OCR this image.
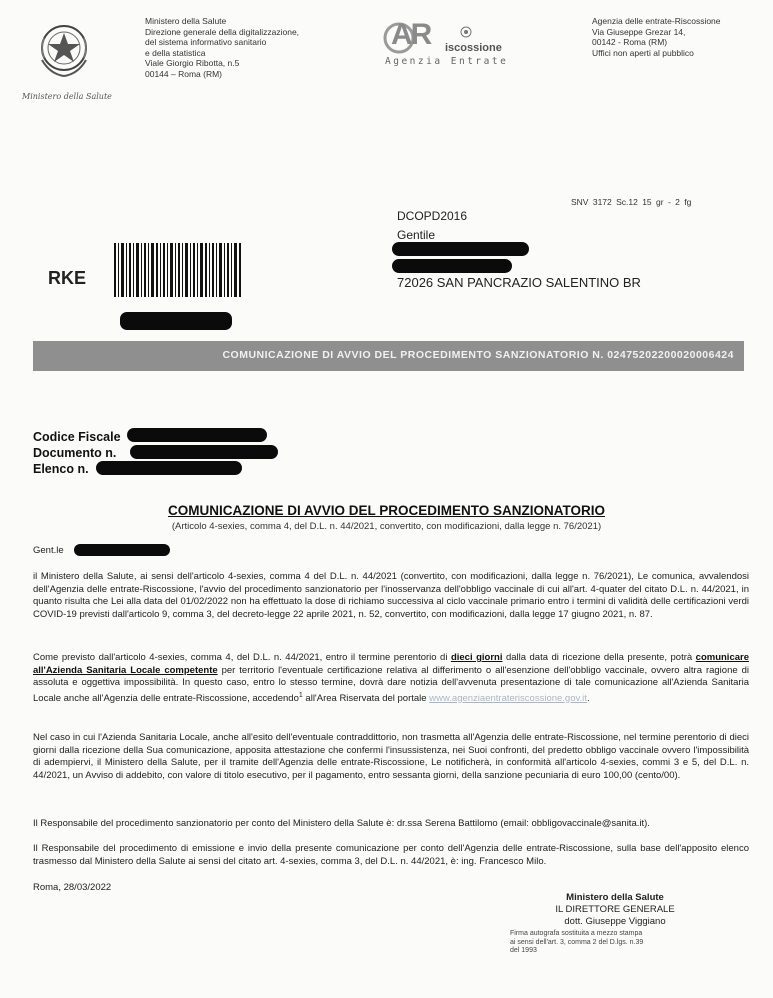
Ministero della Salute
Ministero della Salute
Direzione generale della digitalizzazione,
del sistema informativo sanitario
e della statistica
Viale Giorgio Ribotta, n.5
00144 – Roma (RM)
AR iscossione
Agenzia Entrate
Agenzia delle entrate-Riscossione
Via Giuseppe Grezar 14,
00142 - Roma (RM)
Uffici non aperti al pubblico
SNV 3172 Sc.12 15 gr - 2 fg
DCOPD2016
Gentile
72026 SAN PANCRAZIO SALENTINO BR
RKE
COMUNICAZIONE DI AVVIO DEL PROCEDIMENTO SANZIONATORIO N. 02475202200020006424
Codice Fiscale
Documento n.
Elenco n.
COMUNICAZIONE DI AVVIO DEL PROCEDIMENTO SANZIONATORIO
(Articolo 4-sexies, comma 4, del D.L. n. 44/2021, convertito, con modificazioni, dalla legge n. 76/2021)
Gent.le
il Ministero della Salute, ai sensi dell'articolo 4-sexies, comma 4 del D.L. n. 44/2021 (convertito, con modificazioni, dalla legge n. 76/2021), Le comunica, avvalendosi dell'Agenzia delle entrate-Riscossione, l'avvio del procedimento sanzionatorio per l'inosservanza dell'obbligo vaccinale di cui all'art. 4-quater del citato D.L. n. 44/2021, in quanto risulta che Lei alla data del 01/02/2022 non ha effettuato la dose di richiamo successiva al ciclo vaccinale primario entro i termini di validità delle certificazioni verdi COVID-19 previsti dall'articolo 9, comma 3, del decreto-legge 22 aprile 2021, n. 52, convertito, con modificazioni, dalla legge 17 giugno 2021, n. 87.
Come previsto dall'articolo 4-sexies, comma 4, del D.L. n. 44/2021, entro il termine perentorio di dieci giorni dalla data di ricezione della presente, potrà comunicare all'Azienda Sanitaria Locale competente per territorio l'eventuale certificazione relativa al differimento o all'esenzione dell'obbligo vaccinale, ovvero altra ragione di assoluta e oggettiva impossibilità. In questo caso, entro lo stesso termine, dovrà dare notizia dell'avvenuta presentazione di tale comunicazione all'Azienda Sanitaria Locale anche all'Agenzia delle entrate-Riscossione, accedendo$^1$ all'Area Riservata del portale www.agenziaentrateriscossione.gov.it.
Nel caso in cui l'Azienda Sanitaria Locale, anche all'esito dell'eventuale contraddittorio, non trasmetta all'Agenzia delle entrate-Riscossione, nel termine perentorio di dieci giorni dalla ricezione della Sua comunicazione, apposita attestazione che confermi l'insussistenza, nei Suoi confronti, del predetto obbligo vaccinale ovvero l'impossibilità di adempiervi, il Ministero della Salute, per il tramite dell'Agenzia delle entrate-Riscossione, Le notificherà, in conformità all'articolo 4-sexies, commi 3 e 5, del D.L. n. 44/2021, un Avviso di addebito, con valore di titolo esecutivo, per il pagamento, entro sessanta giorni, della sanzione pecuniaria di euro 100,00 (cento/00).
Il Responsabile del procedimento sanzionatorio per conto del Ministero della Salute è: dr.ssa Serena Battilomo (email: obbligovaccinale@sanita.it).
Il Responsabile del procedimento di emissione e invio della presente comunicazione per conto dell'Agenzia delle entrate-Riscossione, sulla base dell'apposito elenco trasmesso dal Ministero della Salute ai sensi del citato art. 4-sexies, comma 3, del D.L. n. 44/2021, è: ing. Francesco Milo.
Roma, 28/03/2022
Ministero della Salute
IL DIRETTORE GENERALE
dott. Giuseppe Viggiano
Firma autografa sostituita a mezzo stampa
ai sensi dell'art. 3, comma 2 del D.lgs. n.39
del 1993
